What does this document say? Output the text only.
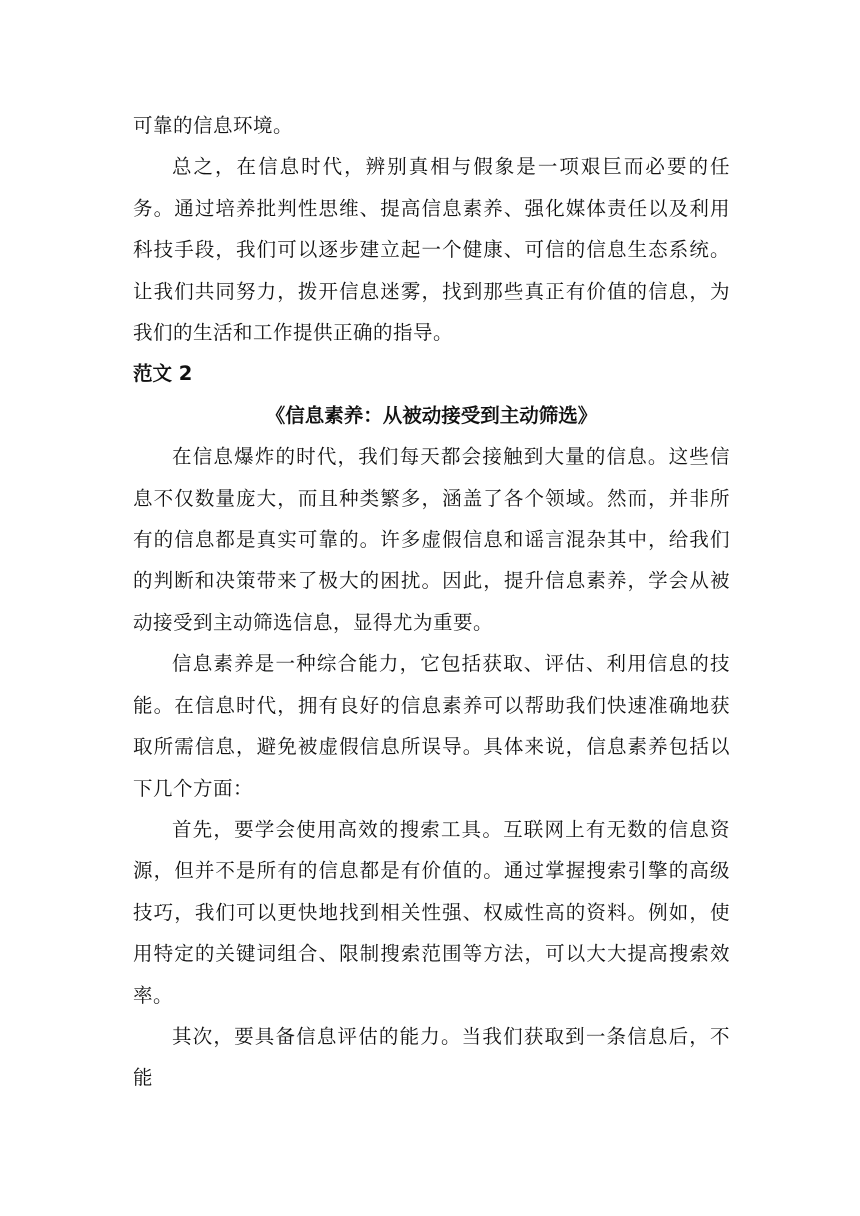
可靠的信息环境。

总之，在信息时代，辨别真相与假象是一项艰巨而必要的任务。通过培养批判性思维、提高信息素养、强化媒体责任以及利用科技手段，我们可以逐步建立起一个健康、可信的信息生态系统。让我们共同努力，拨开信息迷雾，找到那些真正有价值的信息，为我们的生活和工作提供正确的指导。

范文 2

《信息素养：从被动接受到主动筛选》

在信息爆炸的时代，我们每天都会接触到大量的信息。这些信息不仅数量庞大，而且种类繁多，涵盖了各个领域。然而，并非所有的信息都是真实可靠的。许多虚假信息和谣言混杂其中，给我们的判断和决策带来了极大的困扰。因此，提升信息素养，学会从被动接受到主动筛选信息，显得尤为重要。

信息素养是一种综合能力，它包括获取、评估、利用信息的技能。在信息时代，拥有良好的信息素养可以帮助我们快速准确地获取所需信息，避免被虚假信息所误导。具体来说，信息素养包括以下几个方面：

首先，要学会使用高效的搜索工具。互联网上有无数的信息资源，但并不是所有的信息都是有价值的。通过掌握搜索引擎的高级技巧，我们可以更快地找到相关性强、权威性高的资料。例如，使用特定的关键词组合、限制搜索范围等方法，可以大大提高搜索效率。

其次，要具备信息评估的能力。当我们获取到一条信息后，不能
